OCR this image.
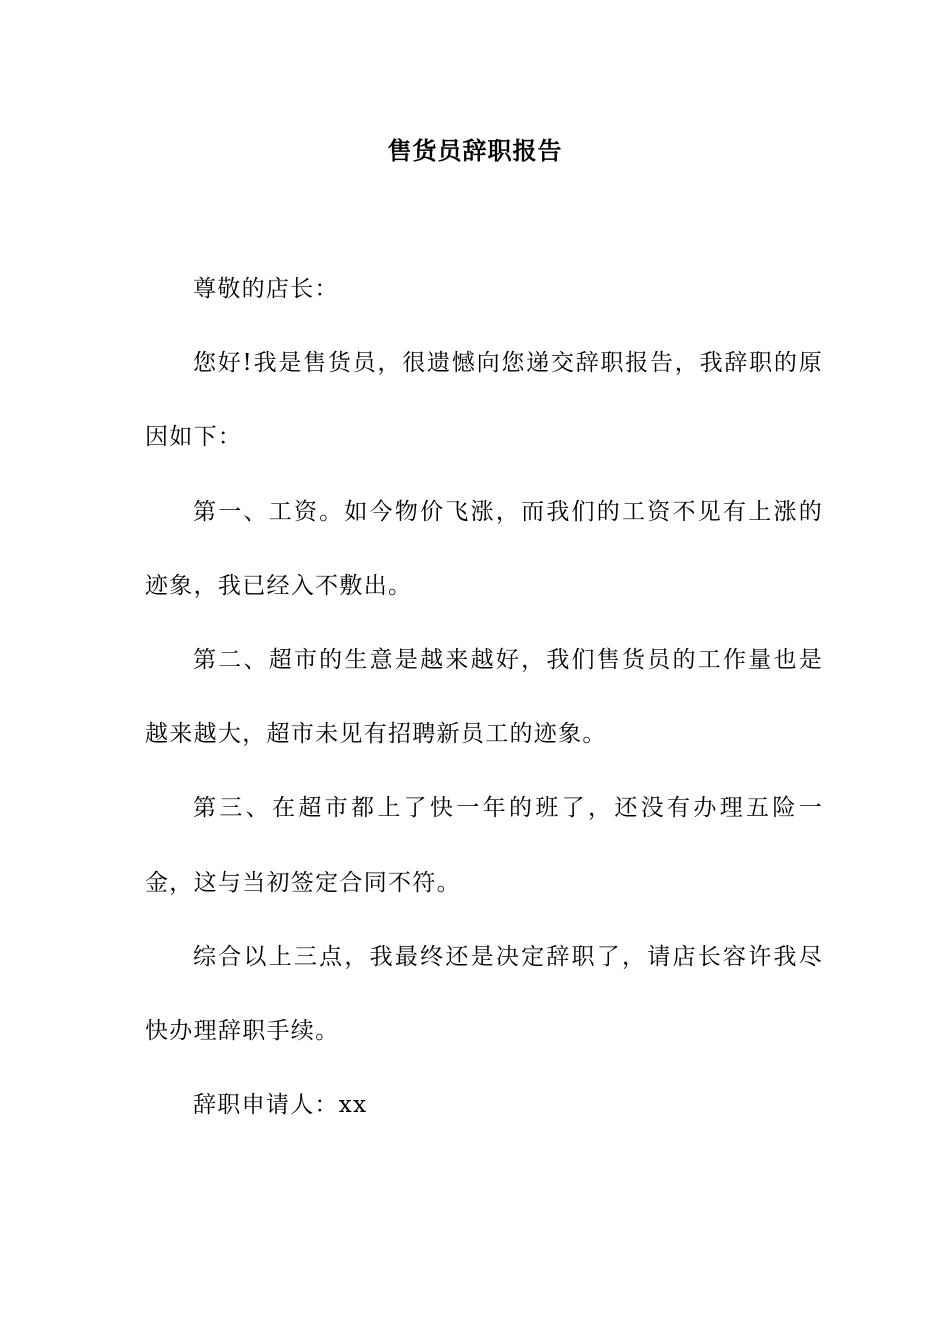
售货员辞职报告

尊敬的店长：

您好!我是售货员，很遗憾向您递交辞职报告，我辞职的原因如下：

第一、工资。如今物价飞涨，而我们的工资不见有上涨的迹象，我已经入不敷出。

第二、超市的生意是越来越好，我们售货员的工作量也是越来越大，超市未见有招聘新员工的迹象。

第三、在超市都上了快一年的班了，还没有办理五险一金，这与当初签定合同不符。

综合以上三点，我最终还是决定辞职了，请店长容许我尽快办理辞职手续。

辞职申请人：xx
